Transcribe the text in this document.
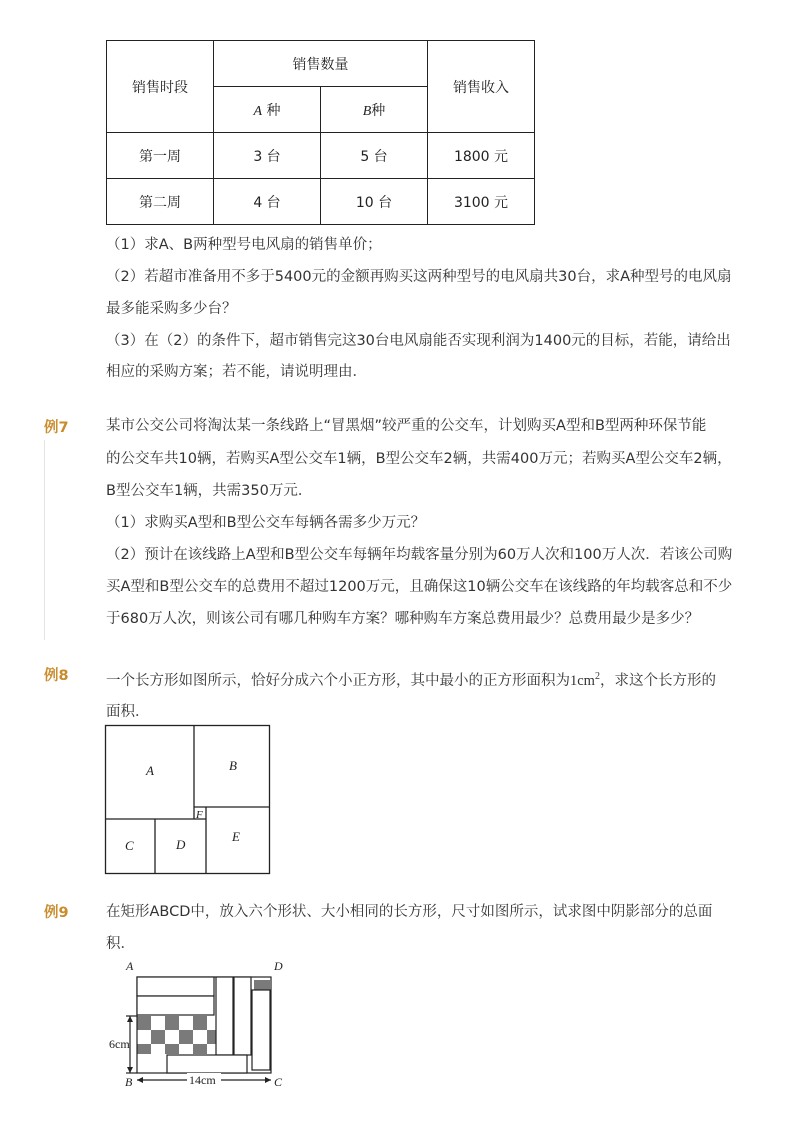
销售时段	销售数量		销售收入
	A 种	B种	
第一周	3 台	5 台	1800 元
第二周	4 台	10 台	3100 元
（1）求A、B两种型号电风扇的销售单价；
（2）若超市准备用不多于5400元的金额再购买这两种型号的电风扇共30台，求A种型号的电风扇
最多能采购多少台？
（3）在（2）的条件下，超市销售完这30台电风扇能否实现利润为1400元的目标，若能，请给出
相应的采购方案；若不能，请说明理由．
例7	某市公交公司将淘汰某一条线路上“冒黑烟”较严重的公交车，计划购买A型和B型两种环保节能
的公交车共10辆，若购买A型公交车1辆，B型公交车2辆，共需400万元；若购买A型公交车2辆，
B型公交车1辆，共需350万元．
（1）求购买A型和B型公交车每辆各需多少万元？
（2）预计在该线路上A型和B型公交车每辆年均载客量分别为60万人次和100万人次．若该公司购
买A型和B型公交车的总费用不超过1200万元，且确保这10辆公交车在该线路的年均载客总和不少
于680万人次，则该公司有哪几种购车方案？哪种购车方案总费用最少？总费用最少是多少？
例8	一个长方形如图所示，恰好分成六个小正方形，其中最小的正方形面积为$1cm^2$，求这个长方形的
面积．
A	B
C	D
E
F
例9	在矩形ABCD中，放入六个形状、大小相同的长方形，尺寸如图所示，试求图中阴影部分的总面
积．
A	D
B	C
6cm
14cm
